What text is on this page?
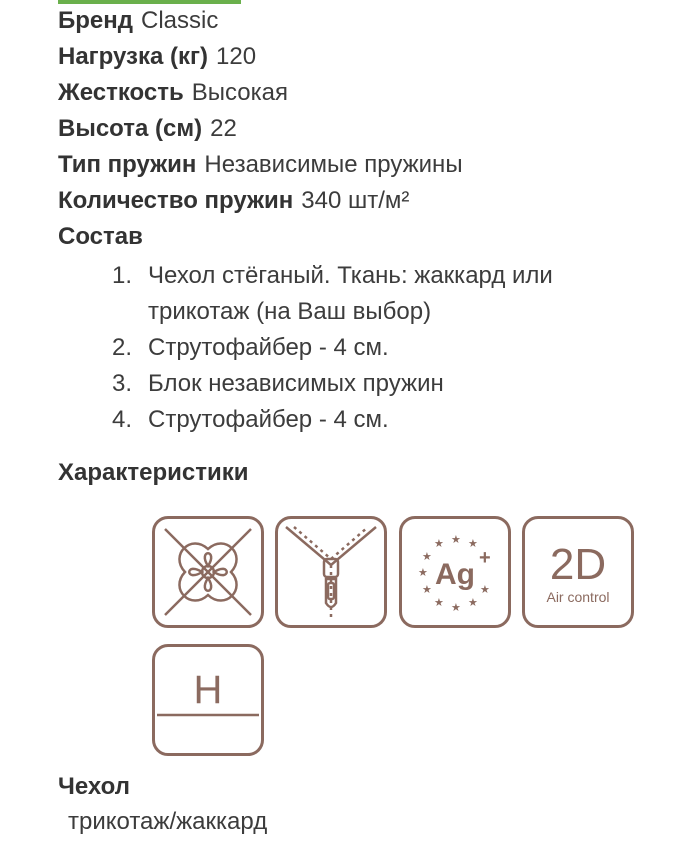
Бренд Classic
Нагрузка (кг) 120
Жесткость Высокая
Высота (см) 22
Тип пружин Независимые пружины
Количество пружин 340 шт/м²
Состав
1. Чехол стёганый. Ткань: жаккард или трикотаж (на Ваш выбор)
2. Струтофайбер - 4 см.
3. Блок независимых пружин
4. Струтофайбер - 4 см.
Характеристики
Ag +
★ ★
★
★
★
★
★ ★ ★
★
2D
Air control
H
Чехол
трикотаж/жаккард
